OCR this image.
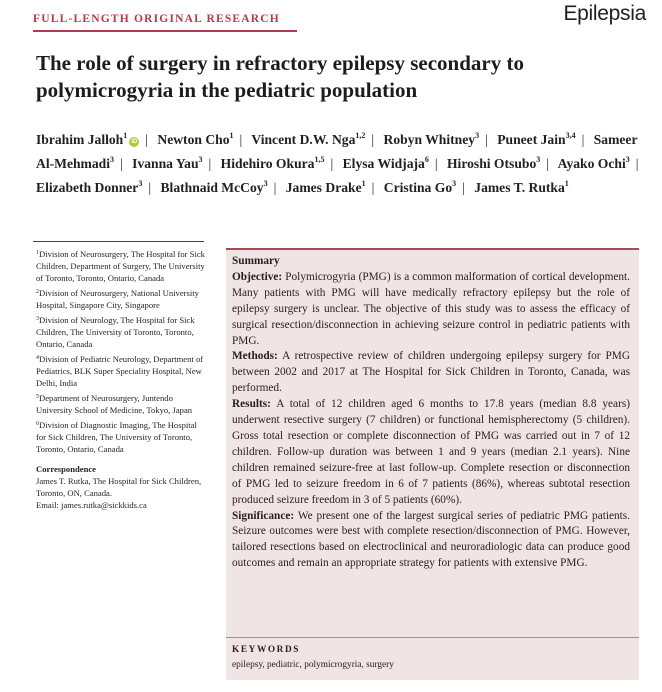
FULL-LENGTH ORIGINAL RESEARCH	Epilepsia
The role of surgery in refractory epilepsy secondary to polymicrogyria in the pediatric population
Ibrahim Jalloh$^1$iD | Newton Cho$^1$ | Vincent D.W. Nga$^{1,2}$ | Robyn Whitney$^3$ | Puneet Jain$^{3,4}$ | Sameer Al-Mehmadi$^3$ | Ivanna Yau$^3$ | Hidehiro Okura$^{1,5}$ | Elysa Widjaja$^6$ | Hiroshi Otsubo$^3$ | Ayako Ochi$^3$ | Elizabeth Donner$^3$ | Blathnaid McCoy$^3$ | James Drake$^1$ | Cristina Go$^3$ | James T. Rutka$^1$
$^1$Division of Neurosurgery, The Hospital for Sick Children, Department of Surgery, The University of Toronto, Toronto, Ontario, Canada
$^2$Division of Neurosurgery, National University Hospital, Singapore City, Singapore
$^3$Division of Neurology, The Hospital for Sick Children, The University of Toronto, Toronto, Ontario, Canada
$^4$Division of Pediatric Neurology, Department of Pediatrics, BLK Super Speciality Hospital, New Delhi, India
$^5$Department of Neurosurgery, Juntendo University School of Medicine, Tokyo, Japan
$^6$Division of Diagnostic Imaging, The Hospital for Sick Children, The University of Toronto, Toronto, Ontario, Canada
Correspondence
James T. Rutka, The Hospital for Sick Children, Toronto, ON, Canada.
Email: james.rutka@sickkids.ca

Summary

Objective: Polymicrogyria (PMG) is a common malformation of cortical development. Many patients with PMG will have medically refractory epilepsy but the role of epilepsy surgery is unclear. The objective of this study was to assess the efficacy of surgical resection/disconnection in achieving seizure control in pediatric patients with PMG.

Methods: A retrospective review of children undergoing epilepsy surgery for PMG between 2002 and 2017 at The Hospital for Sick Children in Toronto, Canada, was performed.

Results: A total of 12 children aged 6 months to 17.8 years (median 8.8 years) underwent resective surgery (7 children) or functional hemispherectomy (5 children). Gross total resection or complete disconnection of PMG was carried out in 7 of 12 children. Follow-up duration was between 1 and 9 years (median 2.1 years). Nine children remained seizure-free at last follow-up. Complete resection or disconnection of PMG led to seizure freedom in 6 of 7 patients (86%), whereas subtotal resection produced seizure freedom in 3 of 5 patients (60%).

Significance: We present one of the largest surgical series of pediatric PMG patients. Seizure outcomes were best with complete resection/disconnection of PMG. However, tailored resections based on electroclinical and neuroradiologic data can produce good outcomes and remain an appropriate strategy for patients with extensive PMG.

KEYWORDS
epilepsy, pediatric, polymicrogyria, surgery
